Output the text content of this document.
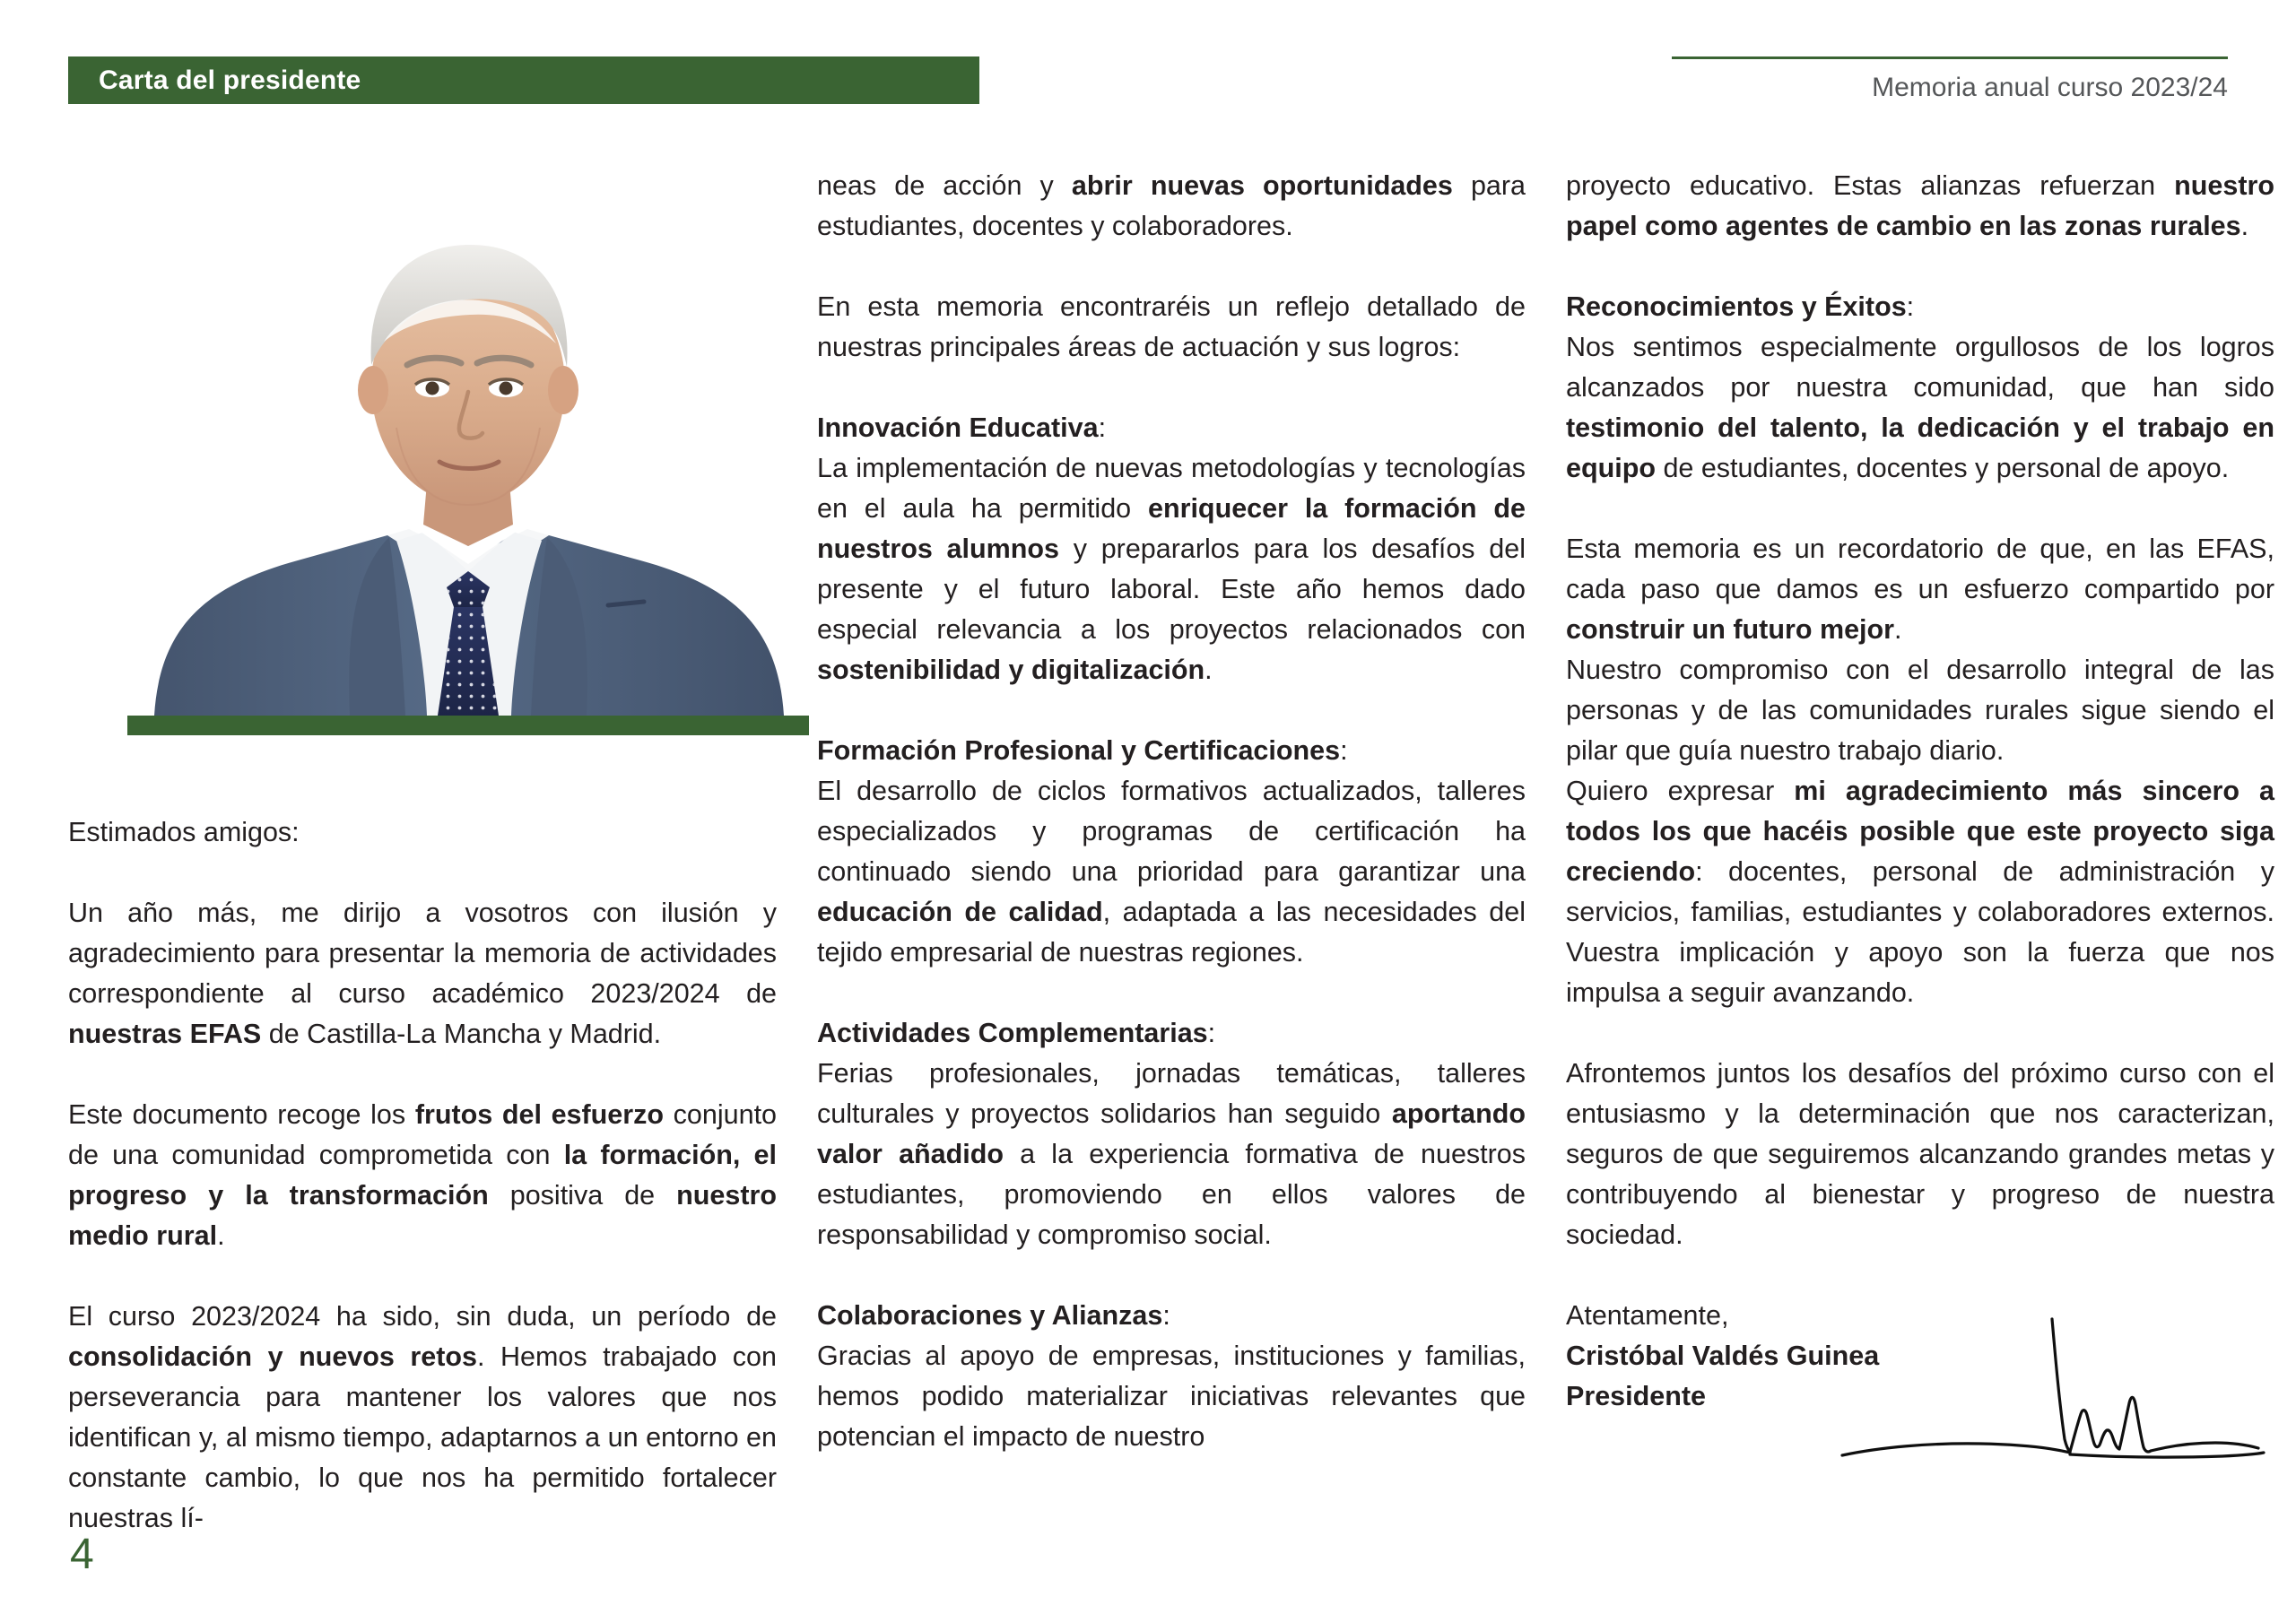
Carta del presidente	Memoria anual curso 2023/24

Estimados amigos:

Un año más, me dirijo a vosotros con ilusión y agradecimiento para presentar la memoria de actividades correspondiente al curso académico 2023/2024 de nuestras EFAS de Castilla-La Mancha y Madrid.

Este documento recoge los frutos del esfuerzo conjunto de una comunidad comprometida con la formación, el progreso y la transformación positiva de nuestro medio rural.

El curso 2023/2024 ha sido, sin duda, un período de consolidación y nuevos retos. Hemos trabajado con perseverancia para mantener los valores que nos identifican y, al mismo tiempo, adaptarnos a un entorno en constante cambio, lo que nos ha permitido fortalecer nuestras lí-

neas de acción y abrir nuevas oportunidades para estudiantes, docentes y colaboradores.

En esta memoria encontraréis un reflejo detallado de nuestras principales áreas de actuación y sus logros:

Innovación Educativa:

La implementación de nuevas metodologías y tecnologías en el aula ha permitido enriquecer la formación de nuestros alumnos y prepararlos para los desafíos del presente y el futuro laboral. Este año hemos dado especial relevancia a los proyectos relacionados con sostenibilidad y digitalización.

Formación Profesional y Certificaciones:

El desarrollo de ciclos formativos actualizados, talleres especializados y programas de certificación ha continuado siendo una prioridad para garantizar una educación de calidad, adaptada a las necesidades del tejido empresarial de nuestras regiones.

Actividades Complementarias:

Ferias profesionales, jornadas temáticas, talleres culturales y proyectos solidarios han seguido aportando valor añadido a la experiencia formativa de nuestros estudiantes, promoviendo en ellos valores de responsabilidad y compromiso social.

Colaboraciones y Alianzas:

Gracias al apoyo de empresas, instituciones y familias, hemos podido materializar iniciativas relevantes que potencian el impacto de nuestro

proyecto educativo. Estas alianzas refuerzan nuestro papel como agentes de cambio en las zonas rurales.

Reconocimientos y Éxitos:

Nos sentimos especialmente orgullosos de los logros alcanzados por nuestra comunidad, que han sido testimonio del talento, la dedicación y el trabajo en equipo de estudiantes, docentes y personal de apoyo.

Esta memoria es un recordatorio de que, en las EFAS, cada paso que damos es un esfuerzo compartido por construir un futuro mejor.

Nuestro compromiso con el desarrollo integral de las personas y de las comunidades rurales sigue siendo el pilar que guía nuestro trabajo diario.

Quiero expresar mi agradecimiento más sincero a todos los que hacéis posible que este proyecto siga creciendo: docentes, personal de administración y servicios, familias, estudiantes y colaboradores externos. Vuestra implicación y apoyo son la fuerza que nos impulsa a seguir avanzando.

Afrontemos juntos los desafíos del próximo curso con el entusiasmo y la determinación que nos caracterizan, seguros de que seguiremos alcanzando grandes metas y contribuyendo al bienestar y progreso de nuestra sociedad.

Atentamente,
Cristóbal Valdés Guinea
Presidente
4
